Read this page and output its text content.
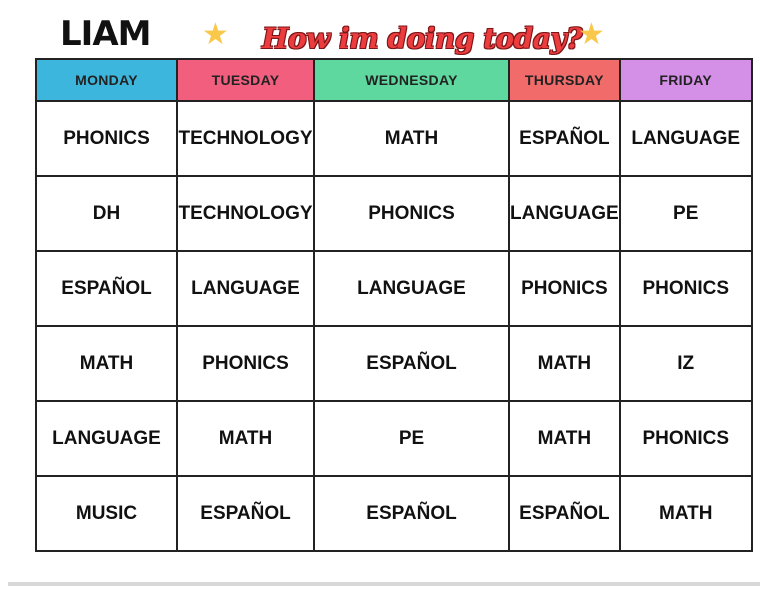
LIAM ★ How im doing today?
★
MONDAY	TUESDAY	WEDNESDAY	THURSDAY	FRIDAY
PHONICS	TECHNOLOGY	MATH	ESPAÑOL	LANGUAGE
DH	TECHNOLOGY	PHONICS	LANGUAGE	PE
ESPAÑOL	LANGUAGE	LANGUAGE	PHONICS	PHONICS
MATH	PHONICS	ESPAÑOL	MATH	IZ
LANGUAGE	MATH	PE	MATH	PHONICS
MUSIC	ESPAÑOL	ESPAÑOL	ESPAÑOL	MATH
